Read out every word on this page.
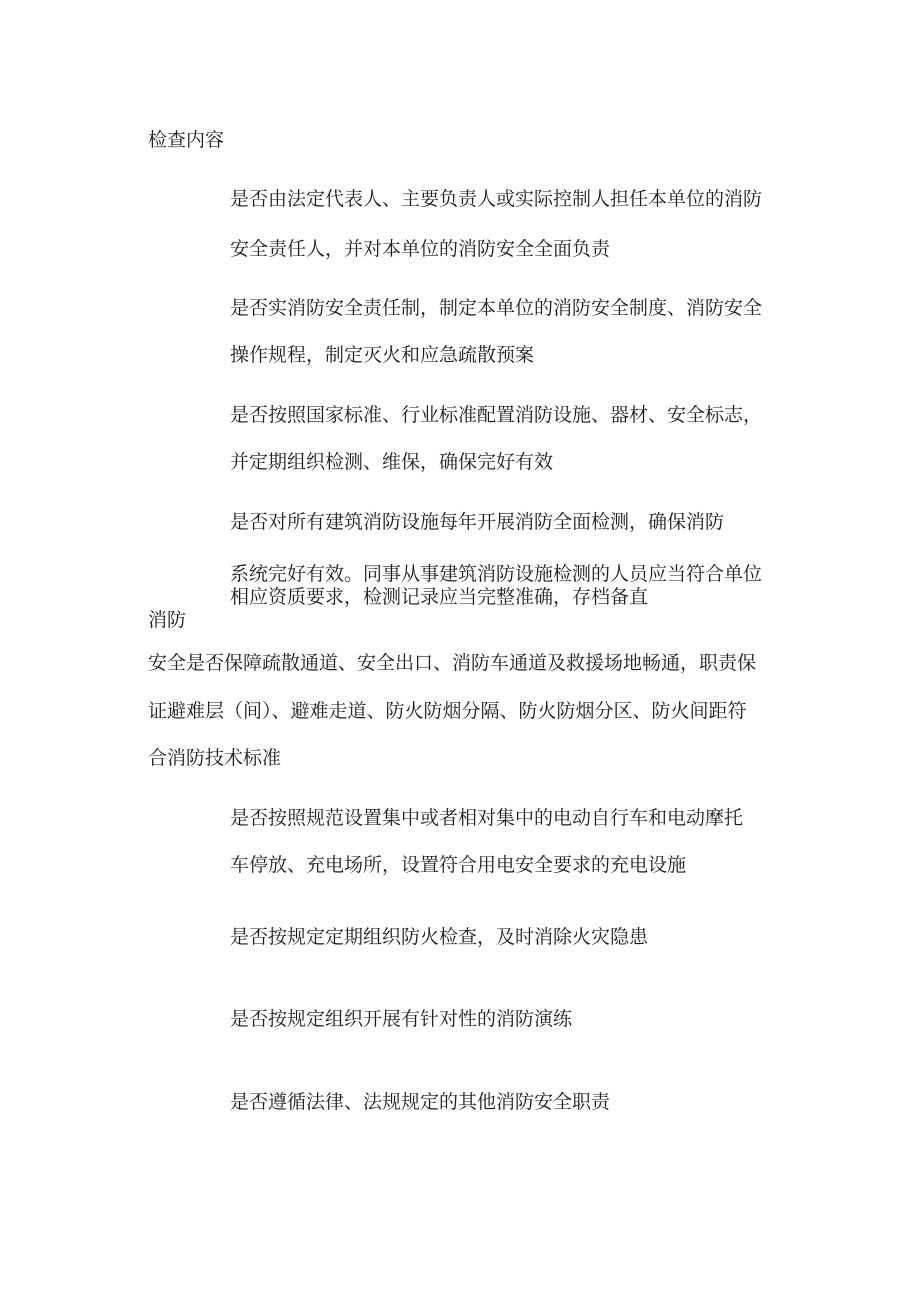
检查内容

是否由法定代表人、主要负责人或实际控制人担任本单位的消防

安全责任人，并对本单位的消防安全全面负责

是否实消防安全责任制，制定本单位的消防安全制度、消防安全

操作规程，制定灭火和应急疏散预案

是否按照国家标准、行业标准配置消防设施、器材、安全标志，

并定期组织检测、维保，确保完好有效

是否对所有建筑消防设施每年开展消防全面检测，确保消防

系统完好有效。同事从事建筑消防设施检测的人员应当符合单位

相应资质要求，检测记录应当完整准确，存档备直

消防

安全是否保障疏散通道、安全出口、消防车通道及救援场地畅通，职责保

证避难层（间）、避难走道、防火防烟分隔、防火防烟分区、防火间距符

合消防技术标准

是否按照规范设置集中或者相对集中的电动自行车和电动摩托

车停放、充电场所，设置符合用电安全要求的充电设施

是否按规定定期组织防火检查，及时消除火灾隐患

是否按规定组织开展有针对性的消防演练

是否遵循法律、法规规定的其他消防安全职责
